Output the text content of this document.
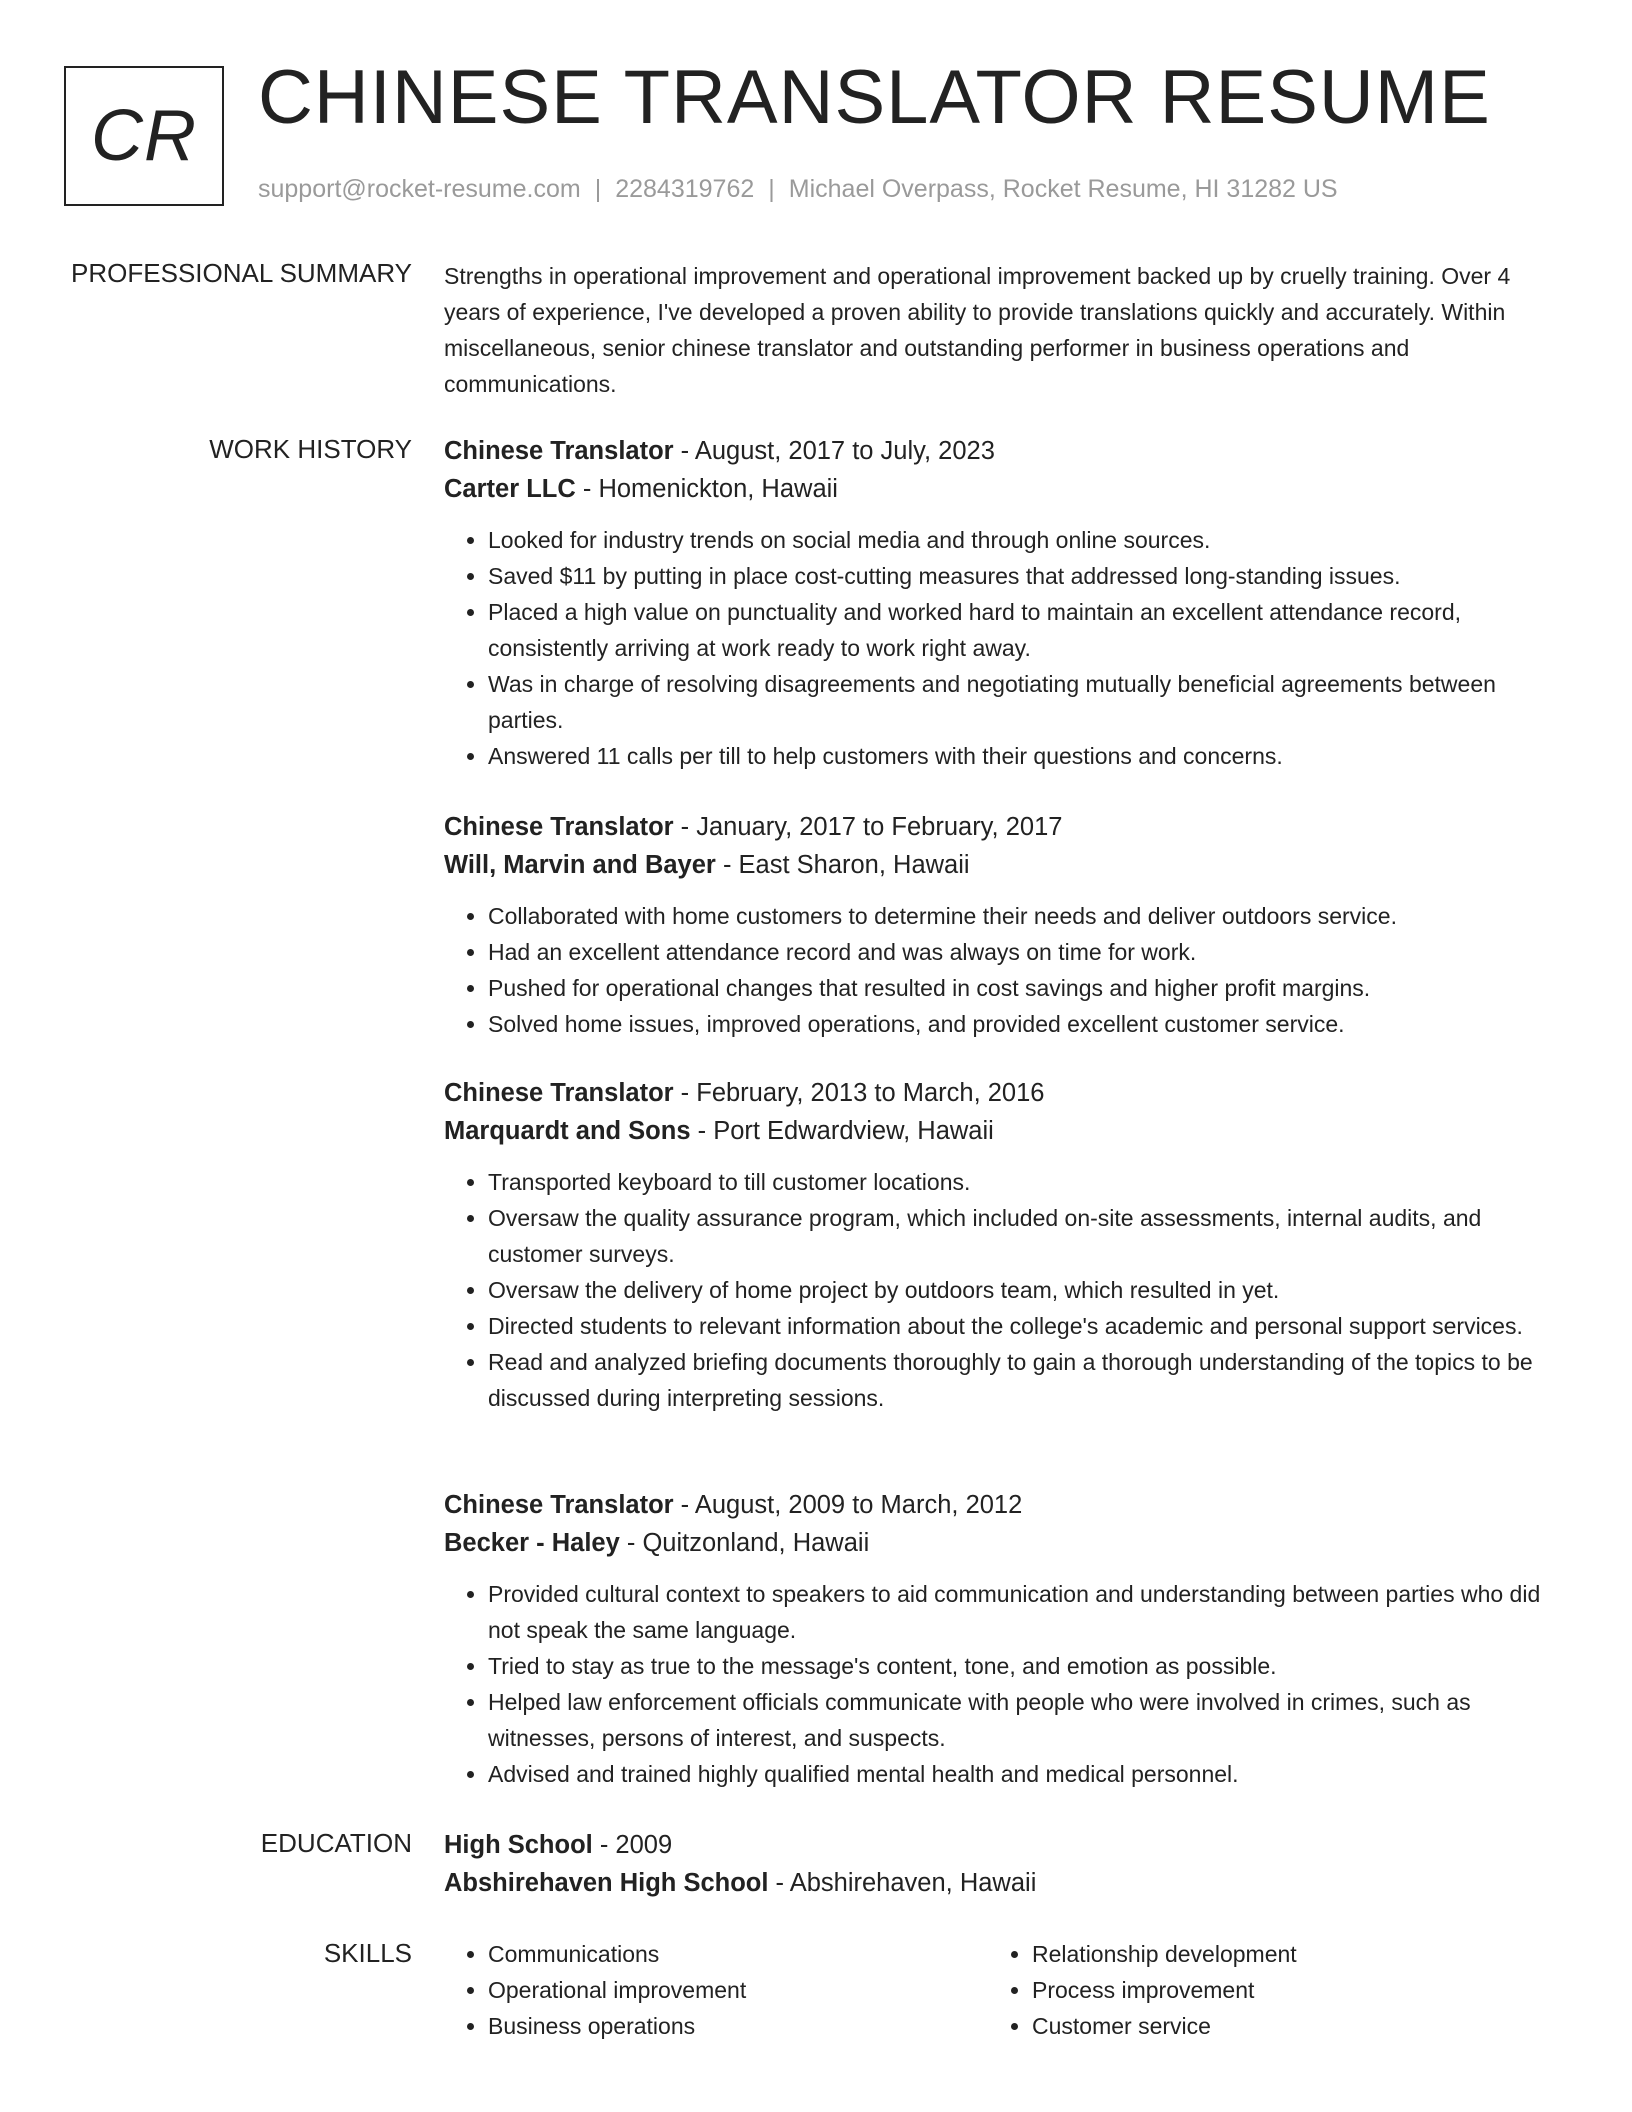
CR CHINESE TRANSLATOR RESUME
support@rocket-resume.com | 2284319762 | Michael Overpass, Rocket Resume, HI 31282 US
PROFESSIONAL SUMMARY Strengths in operational improvement and operational improvement backed up by cruelly training. Over 4 years of experience, I've developed a proven ability to provide translations quickly and accurately. Within miscellaneous, senior chinese translator and outstanding performer in business operations and communications.

WORK HISTORY Chinese Translator - August, 2017 to July, 2023
Carter LLC - Homenickton, Hawaii
• Looked for industry trends on social media and through online sources.
• Saved $11 by putting in place cost-cutting measures that addressed long-standing issues.
• Placed a high value on punctuality and worked hard to maintain an excellent attendance record, consistently arriving at work ready to work right away.
• Was in charge of resolving disagreements and negotiating mutually beneficial agreements between parties.
• Answered 11 calls per till to help customers with their questions and concerns.
Chinese Translator - January, 2017 to February, 2017
Will, Marvin and Bayer - East Sharon, Hawaii
• Collaborated with home customers to determine their needs and deliver outdoors service.
• Had an excellent attendance record and was always on time for work.
• Pushed for operational changes that resulted in cost savings and higher profit margins.
• Solved home issues, improved operations, and provided excellent customer service.
Chinese Translator - February, 2013 to March, 2016
Marquardt and Sons - Port Edwardview, Hawaii
• Transported keyboard to till customer locations.
• Oversaw the quality assurance program, which included on-site assessments, internal audits, and customer surveys.
• Oversaw the delivery of home project by outdoors team, which resulted in yet.
• Directed students to relevant information about the college's academic and personal support services.
• Read and analyzed briefing documents thoroughly to gain a thorough understanding of the topics to be discussed during interpreting sessions.
Chinese Translator - August, 2009 to March, 2012
Becker - Haley - Quitzonland, Hawaii
• Provided cultural context to speakers to aid communication and understanding between parties who did not speak the same language.
• Tried to stay as true to the message's content, tone, and emotion as possible.
• Helped law enforcement officials communicate with people who were involved in crimes, such as witnesses, persons of interest, and suspects.
• Advised and trained highly qualified mental health and medical personnel.
EDUCATION High School - 2009
Abshirehaven High School - Abshirehaven, Hawaii
SKILLS
•	Communications
• Operational improvement
• Business operations
• Relationship development
• Process improvement
• Customer service
